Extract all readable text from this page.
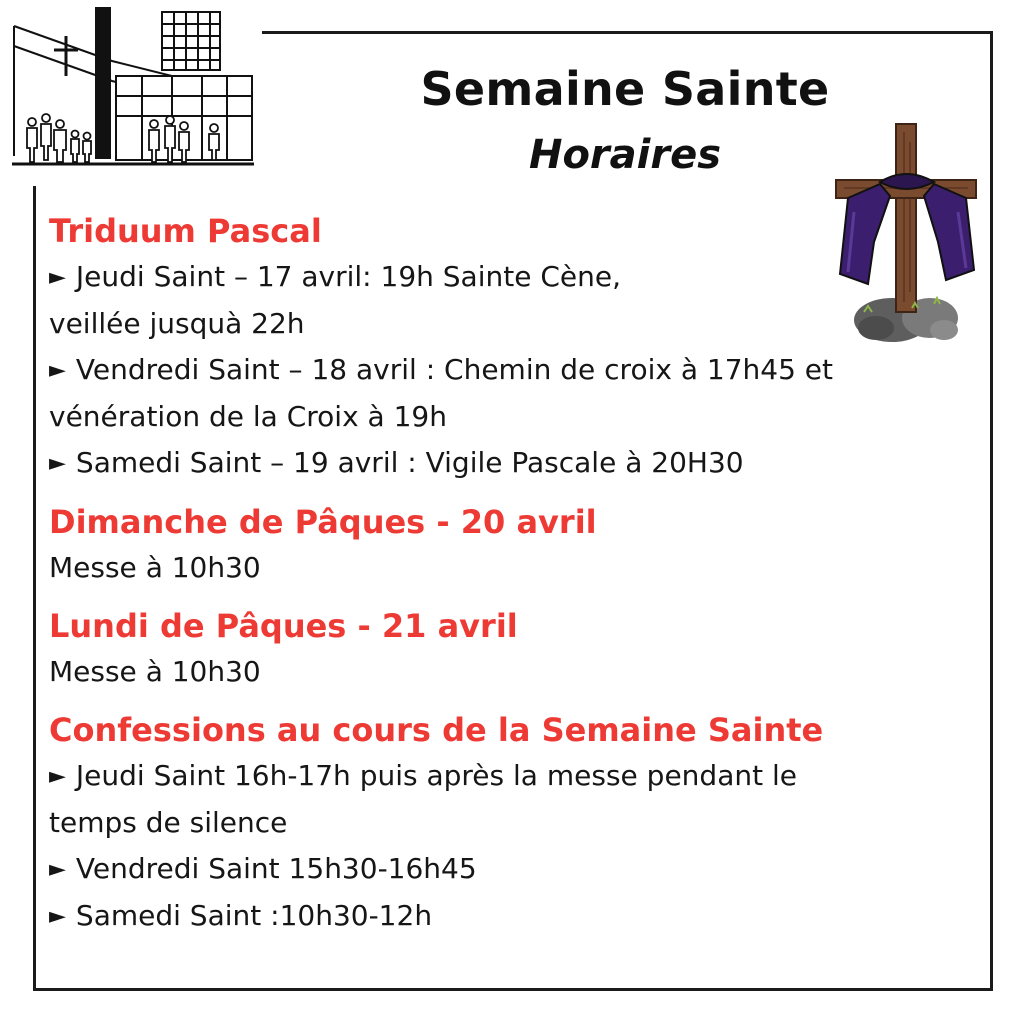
Semaine Sainte
Horaires

Triduum Pascal

► Jeudi Saint – 17 avril: 19h Sainte Cène,

veillée jusquà 22h

► Vendredi Saint – 18 avril : Chemin de croix à 17h45 et

vénération de la Croix à 19h

► Samedi Saint – 19 avril : Vigile Pascale à 20H30

Dimanche de Pâques - 20 avril

Messe à 10h30

Lundi de Pâques - 21 avril

Messe à 10h30

Confessions au cours de la Semaine Sainte

► Jeudi Saint 16h-17h puis après la messe pendant le

temps de silence

► Vendredi Saint 15h30-16h45

► Samedi Saint :10h30-12h
